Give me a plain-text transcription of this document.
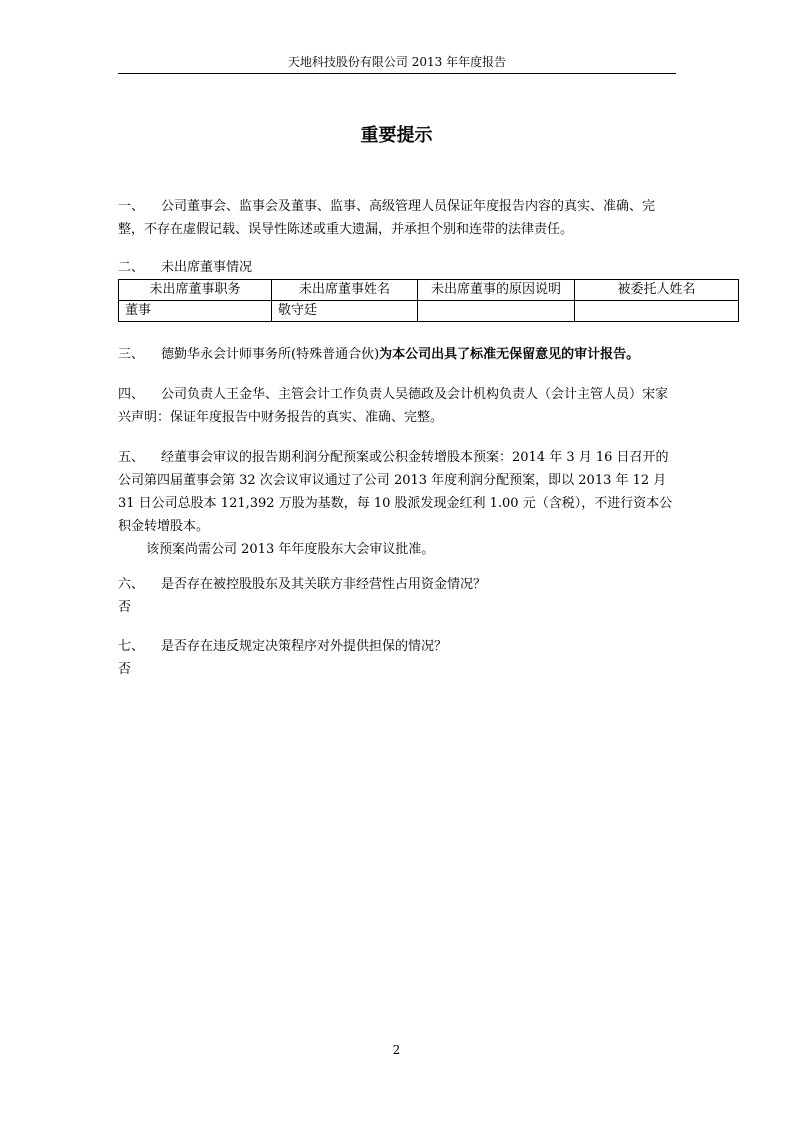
天地科技股份有限公司 2013 年年度报告
重要提示
一、 公司董事会、监事会及董事、监事、高级管理人员保证年度报告内容的真实、准确、完整，不存在虚假记载、误导性陈述或重大遗漏，并承担个别和连带的法律责任。
二、 未出席董事情况
未出席董事职务	未出席董事姓名	未出席董事的原因说明	被委托人姓名
董事	敬守廷		
三、 德勤华永会计师事务所(特殊普通合伙)为本公司出具了标准无保留意见的审计报告。
四、 公司负责人王金华、主管会计工作负责人吴德政及会计机构负责人（会计主管人员）宋家兴声明：保证年度报告中财务报告的真实、准确、完整。
五、 经董事会审议的报告期利润分配预案或公积金转增股本预案：2014 年 3 月 16 日召开的公司第四届董事会第 32 次会议审议通过了公司 2013 年度利润分配预案，即以 2013 年 12 月 31 日公司总股本 121,392 万股为基数，每 10 股派发现金红利 1.00 元（含税），不进行资本公积金转增股本。
该预案尚需公司 2013 年年度股东大会审议批准。
六、 是否存在被控股股东及其关联方非经营性占用资金情况？
否
七、 是否存在违反规定决策程序对外提供担保的情况？
否
2
